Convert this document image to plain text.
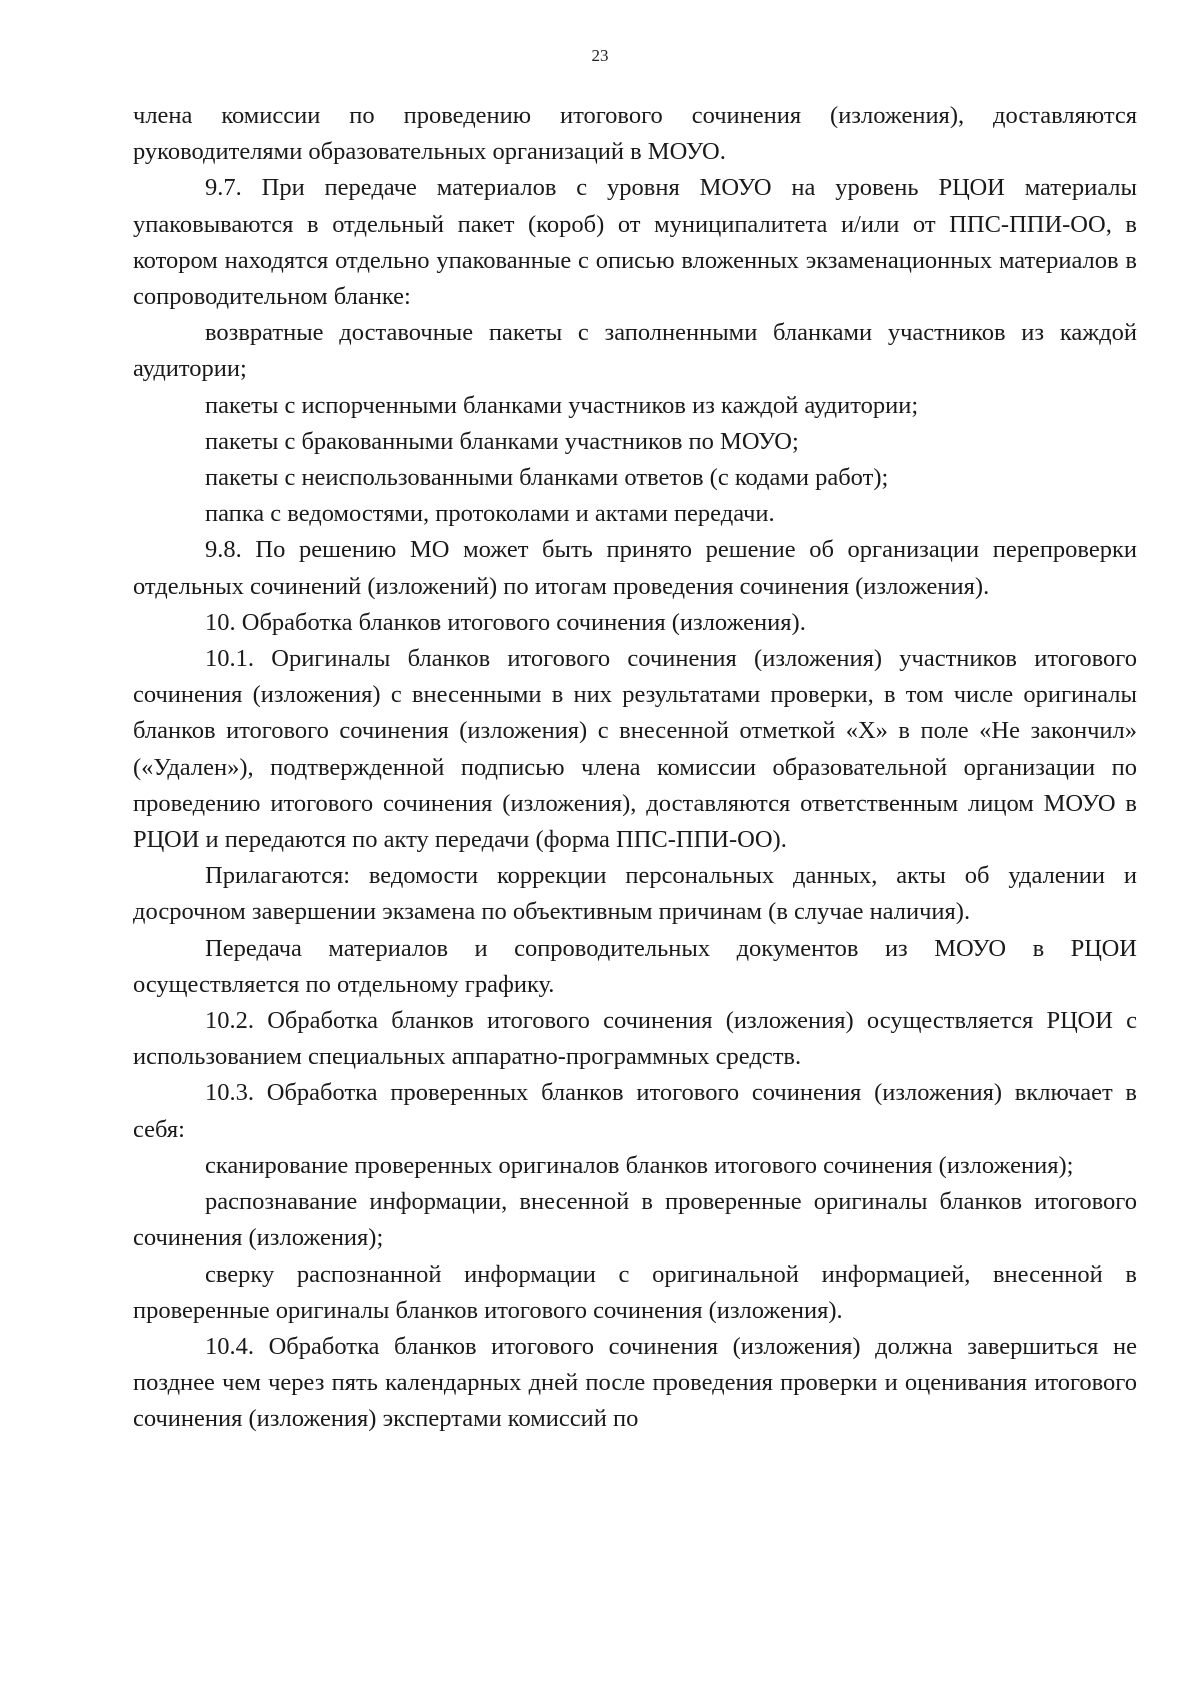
23

члена комиссии по проведению итогового сочинения (изложения), доставляются руководителями образовательных организаций в МОУО.

9.7. При передаче материалов с уровня МОУО на уровень РЦОИ материалы упаковываются в отдельный пакет (короб) от муниципалитета и/или от ППС-ППИ-ОО, в котором находятся отдельно упакованные с описью вложенных экзаменационных материалов в сопроводительном бланке:

возвратные доставочные пакеты с заполненными бланками участников из каждой аудитории;

пакеты с испорченными бланками участников из каждой аудитории;

пакеты с бракованными бланками участников по МОУО;

пакеты с неиспользованными бланками ответов (с кодами работ);

папка с ведомостями, протоколами и актами передачи.

9.8. По решению МО может быть принято решение об организации перепроверки отдельных сочинений (изложений) по итогам проведения сочинения (изложения).

10. Обработка бланков итогового сочинения (изложения).

10.1. Оригиналы бланков итогового сочинения (изложения) участников итогового сочинения (изложения) с внесенными в них результатами проверки, в том числе оригиналы бланков итогового сочинения (изложения) с внесенной отметкой «Х» в поле «Не закончил» («Удален»), подтвержденной подписью члена комиссии образовательной организации по проведению итогового сочинения (изложения), доставляются ответственным лицом МОУО в РЦОИ и передаются по акту передачи (форма ППС-ППИ-ОО).

Прилагаются: ведомости коррекции персональных данных, акты об удалении и досрочном завершении экзамена по объективным причинам (в случае наличия).

Передача материалов и сопроводительных документов из МОУО в РЦОИ осуществляется по отдельному графику.

10.2. Обработка бланков итогового сочинения (изложения) осуществляется РЦОИ с использованием специальных аппаратно-программных средств.

10.3. Обработка проверенных бланков итогового сочинения (изложения) включает в себя:

сканирование проверенных оригиналов бланков итогового сочинения (изложения);

распознавание информации, внесенной в проверенные оригиналы бланков итогового сочинения (изложения);

сверку распознанной информации с оригинальной информацией, внесенной в проверенные оригиналы бланков итогового сочинения (изложения).

10.4. Обработка бланков итогового сочинения (изложения) должна завершиться не позднее чем через пять календарных дней после проведения проверки и оценивания итогового сочинения (изложения) экспертами комиссий по
